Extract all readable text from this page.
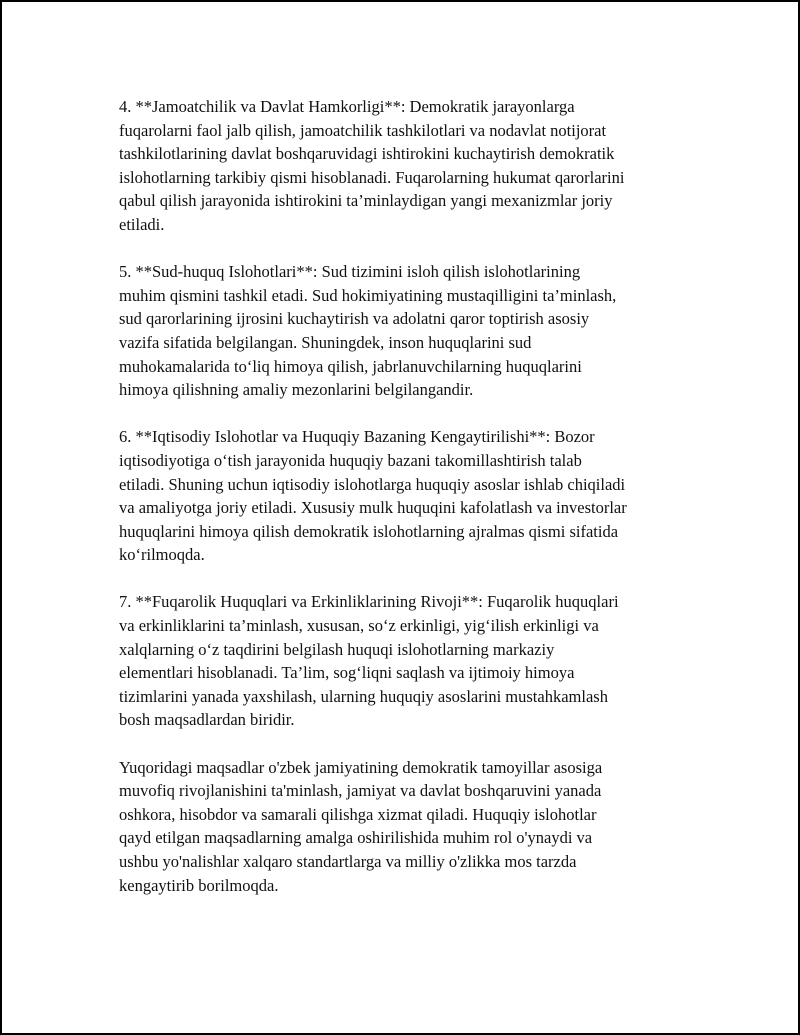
4. **Jamoatchilik va Davlat Hamkorligi**: Demokratik jarayonlarga
fuqarolarni faol jalb qilish, jamoatchilik tashkilotlari va nodavlat notijorat
tashkilotlarining davlat boshqaruvidagi ishtirokini kuchaytirish demokratik
islohotlarning tarkibiy qismi hisoblanadi. Fuqarolarning hukumat qarorlarini
qabul qilish jarayonida ishtirokini ta’minlaydigan yangi mexanizmlar joriy
etiladi.

5. **Sud-huquq Islohotlari**: Sud tizimini isloh qilish islohotlarining
muhim qismini tashkil etadi. Sud hokimiyatining mustaqilligini ta’minlash,
sud qarorlarining ijrosini kuchaytirish va adolatni qaror toptirish asosiy
vazifa sifatida belgilangan. Shuningdek, inson huquqlarini sud
muhokamalarida to‘liq himoya qilish, jabrlanuvchilarning huquqlarini
himoya qilishning amaliy mezonlarini belgilangandir.

6. **Iqtisodiy Islohotlar va Huquqiy Bazaning Kengaytirilishi**: Bozor
iqtisodiyotiga o‘tish jarayonida huquqiy bazani takomillashtirish talab
etiladi. Shuning uchun iqtisodiy islohotlarga huquqiy asoslar ishlab chiqiladi
va amaliyotga joriy etiladi. Xususiy mulk huquqini kafolatlash va investorlar
huquqlarini himoya qilish demokratik islohotlarning ajralmas qismi sifatida
ko‘rilmoqda.

7. **Fuqarolik Huquqlari va Erkinliklarining Rivoji**: Fuqarolik huquqlari
va erkinliklarini ta’minlash, xususan, so‘z erkinligi, yig‘ilish erkinligi va
xalqlarning o‘z taqdirini belgilash huquqi islohotlarning markaziy
elementlari hisoblanadi. Ta’lim, sog‘liqni saqlash va ijtimoiy himoya
tizimlarini yanada yaxshilash, ularning huquqiy asoslarini mustahkamlash
bosh maqsadlardan biridir.

Yuqoridagi maqsadlar o'zbek jamiyatining demokratik tamoyillar asosiga
muvofiq rivojlanishini ta'minlash, jamiyat va davlat boshqaruvini yanada
oshkora, hisobdor va samarali qilishga xizmat qiladi. Huquqiy islohotlar
qayd etilgan maqsadlarning amalga oshirilishida muhim rol o'ynaydi va
ushbu yo'nalishlar xalqaro standartlarga va milliy o'zlikka mos tarzda
kengaytirib borilmoqda.
